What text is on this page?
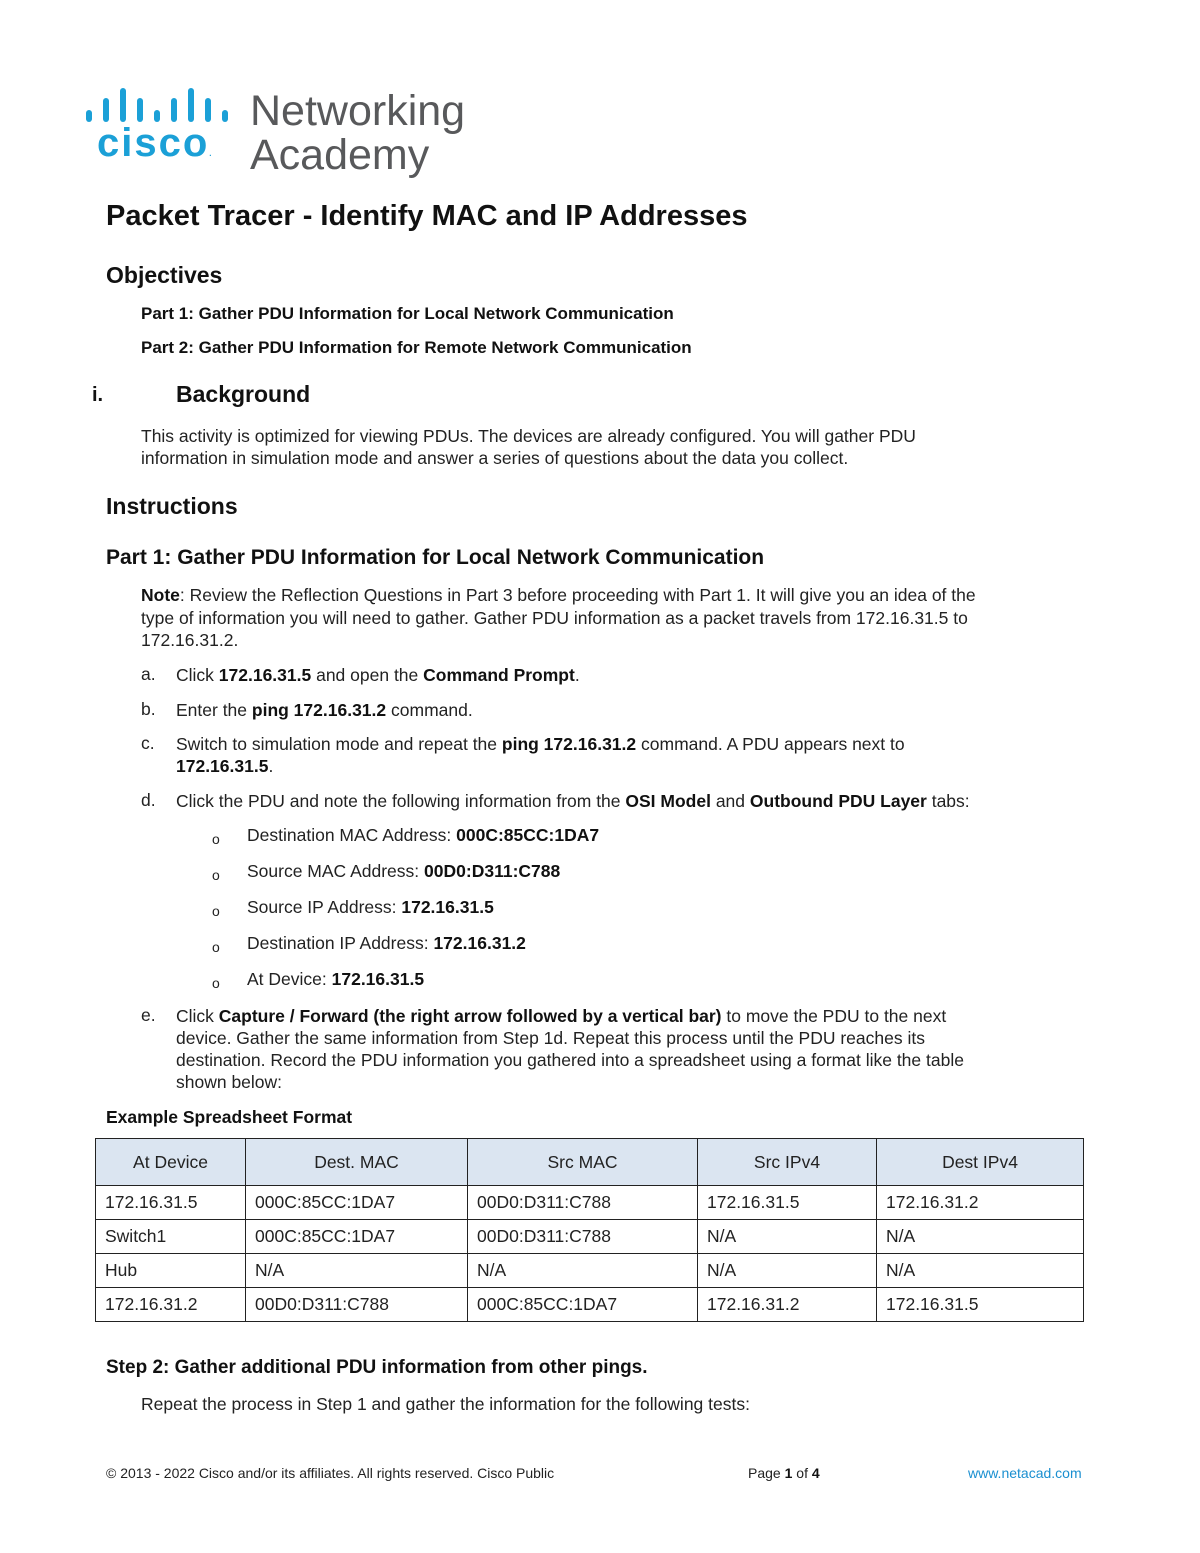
cisco.
Networking
Academy
Packet Tracer - Identify MAC and IP Addresses
Objectives
Part 1: Gather PDU Information for Local Network Communication
Part 2: Gather PDU Information for Remote Network Communication
i.	Background
This activity is optimized for viewing PDUs. The devices are already configured. You will gather PDU
information in simulation mode and answer a series of questions about the data you collect.
Instructions
Part 1: Gather PDU Information for Local Network Communication
Note: Review the Reflection Questions in Part 3 before proceeding with Part 1. It will give you an idea of the
type of information you will need to gather. Gather PDU information as a packet travels from 172.16.31.5 to
172.16.31.2.
a. Click 172.16.31.5 and open the Command Prompt.
b. Enter the ping 172.16.31.2 command.
c. Switch to simulation mode and repeat the ping 172.16.31.2 command. A PDU appears next to
172.16.31.5.
d. Click the PDU and note the following information from the OSI Model and Outbound PDU Layer tabs:
o Destination MAC Address: 000C:85CC:1DA7
o Source MAC Address: 00D0:D311:C788
o Source IP Address: 172.16.31.5
o Destination IP Address: 172.16.31.2
o At Device: 172.16.31.5
e. Click Capture / Forward (the right arrow followed by a vertical bar) to move the PDU to the next
device. Gather the same information from Step 1d. Repeat this process until the PDU reaches its
destination. Record the PDU information you gathered into a spreadsheet using a format like the table
shown below:
Example Spreadsheet Format
At Device	Dest. MAC	Src MAC	Src IPv4	Dest IPv4
172.16.31.5	000C:85CC:1DA7	00D0:D311:C788	172.16.31.5	172.16.31.2
Switch1	000C:85CC:1DA7	00D0:D311:C788	N/A	N/A
Hub	N/A	N/A	N/A	N/A
172.16.31.2	00D0:D311:C788	000C:85CC:1DA7	172.16.31.2	172.16.31.5
Step 2: Gather additional PDU information from other pings.
Repeat the process in Step 1 and gather the information for the following tests:
© 2013 - 2022 Cisco and/or its affiliates. All rights reserved. Cisco Public	Page 1 of 4	www.netacad.com
